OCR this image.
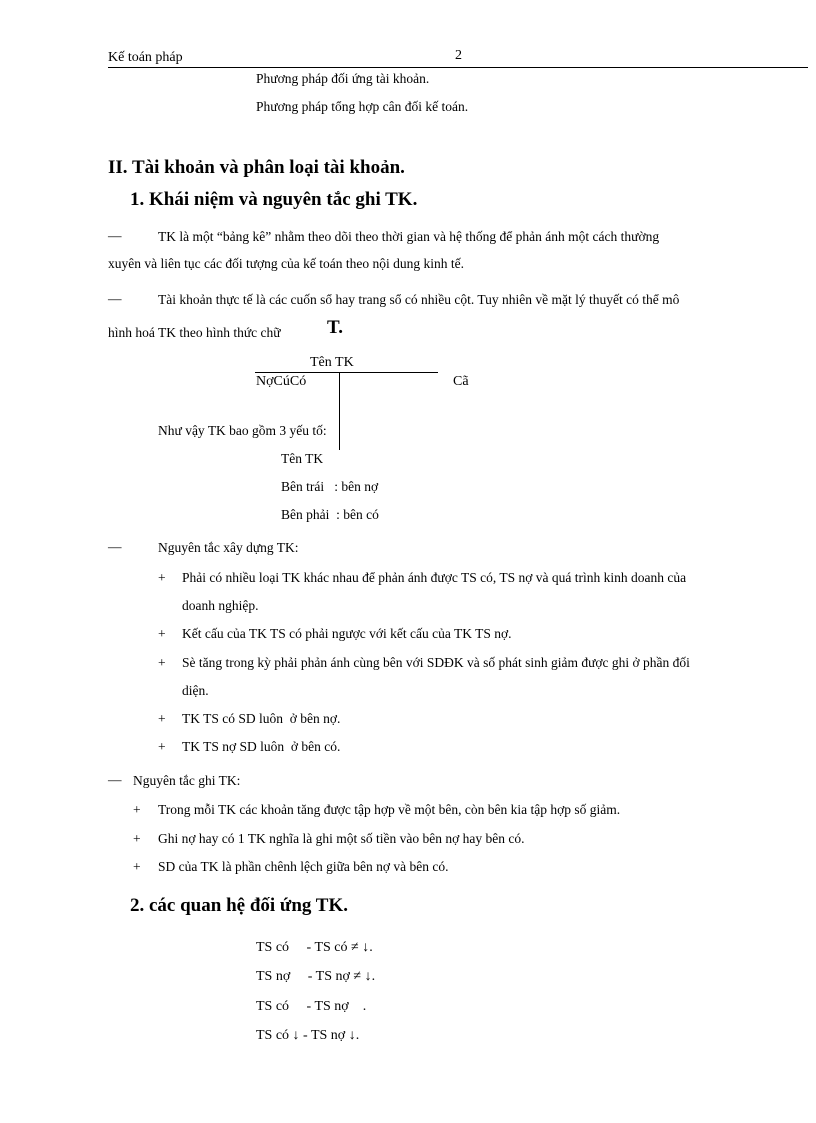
Kế toán pháp	2
Phương pháp đối ứng tài khoản.
Phương pháp tổng hợp cân đối kế toán.
II. Tài khoản và phân loại tài khoản.
1. Khái niệm và nguyên tắc ghi TK.
—	TK là một “bảng kê” nhằm theo dõi theo thời gian và hệ thống để phản ánh một cách thường
xuyên và liên tục các đối tượng của kế toán theo nội dung kinh tế.
—	Tài khoản thực tế là các cuốn sổ hay trang sổ có nhiều cột. Tuy nhiên về mặt lý thuyết có thể mô
hình hoá TK theo hình thức chữ T.
Tên TK
NợCúCó	Cã
Như vậy TK bao gồm 3 yếu tố:
Tên TK
Bên trái   : bên nợ
Bên phải  : bên có
—	Nguyên tắc xây dựng TK:
+ Phải có nhiều loại TK khác nhau để phản ánh được TS có, TS nợ và quá trình kinh doanh của
doanh nghiệp.
+ Kết cấu của TK TS có phải ngược với kết cấu của TK TS nợ.
+ Sè tăng trong kỳ phải phản ánh cùng bên với SDĐK và số phát sinh giảm được ghi ở phần đối
diện.
+ TK TS có SD luôn  ở bên nợ.
+ TK TS nợ SD luôn  ở bên có.
— Nguyên tắc ghi TK:
+ Trong mỗi TK các khoản tăng được tập hợp về một bên, còn bên kia tập hợp số giảm.
+ Ghi nợ hay có 1 TK nghĩa là ghi một số tiền vào bên nợ hay bên có.
+ SD của TK là phần chênh lệch giữa bên nợ và bên có.
2. các quan hệ đối ứng TK.
TS có     - TS có ≠ ↓.
TS nợ     - TS nợ ≠ ↓.
TS có     - TS nợ    .
TS có ↓ - TS nợ ↓.
